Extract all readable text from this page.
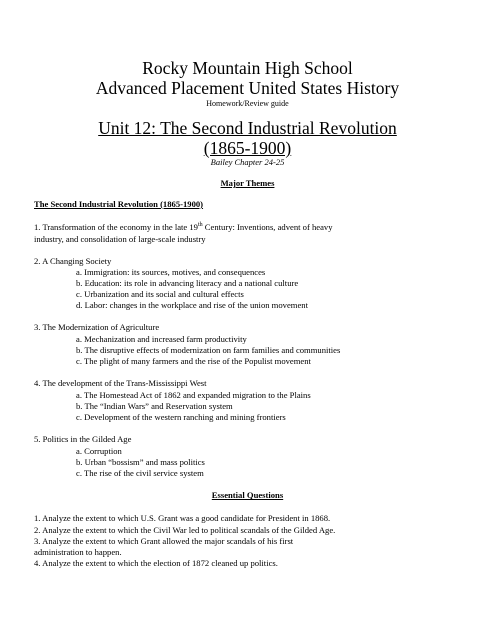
Rocky Mountain High School
Advanced Placement United States History
Homework/Review guide
Unit 12: The Second Industrial Revolution
(1865-1900)
Bailey Chapter 24-25
Major Themes
The Second Industrial Revolution (1865-1900)
1. Transformation of the economy in the late 19th Century: Inventions, advent of heavy
industry, and consolidation of large-scale industry
2. A Changing Society
a. Immigration: its sources, motives, and consequences
b. Education: its role in advancing literacy and a national culture
c. Urbanization and its social and cultural effects
d. Labor: changes in the workplace and rise of the union movement
3. The Modernization of Agriculture
a. Mechanization and increased farm productivity
b. The disruptive effects of modernization on farm families and communities
c. The plight of many farmers and the rise of the Populist movement
4. The development of the Trans-Mississippi West
a. The Homestead Act of 1862 and expanded migration to the Plains
b. The “Indian Wars” and Reservation system
c. Development of the western ranching and mining frontiers
5. Politics in the Gilded Age
a. Corruption
b. Urban “bossism” and mass politics
c. The rise of the civil service system
Essential Questions
1. Analyze the extent to which U.S. Grant was a good candidate for President in 1868.
2. Analyze the extent to which the Civil War led to political scandals of the Gilded Age.
3. Analyze the extent to which Grant allowed the major scandals of his first
administration to happen.
4. Analyze the extent to which the election of 1872 cleaned up politics.
